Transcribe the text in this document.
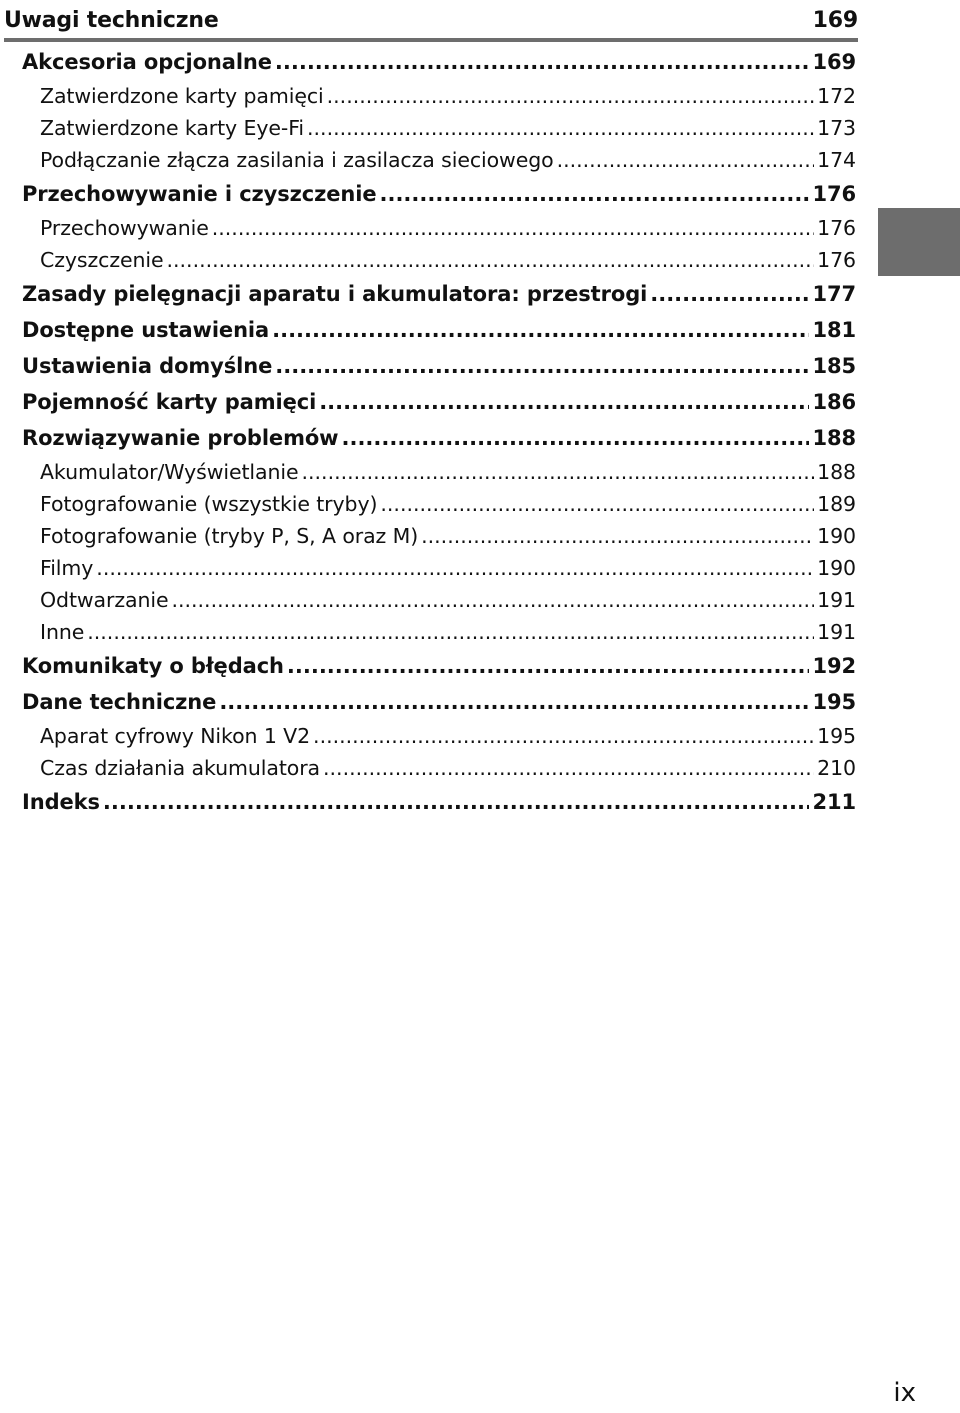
Uwagi techniczne	169
Akcesoria opcjonalne .....	169
Zatwierdzone karty pamięci .....	172
Zatwierdzone karty Eye-Fi .....	173
Podłączanie złącza zasilania i zasilacza sieciowego .....	174
Przechowywanie i czyszczenie .....	176
Przechowywanie .....	176
Czyszczenie .....	176
Zasady pielęgnacji aparatu i akumulatora: przestrogi .....	177
Dostępne ustawienia .....	181
Ustawienia domyślne .....	185
Pojemność karty pamięci .....	186
Rozwiązywanie problemów .....	188
Akumulator/Wyświetlanie .....	188
Fotografowanie (wszystkie tryby) .....	189
Fotografowanie (tryby P, S, A oraz M) .....	190
Filmy .....	190
Odtwarzanie .....	191
Inne .....	191
Komunikaty o błędach .....	192
Dane techniczne .....	195
Aparat cyfrowy Nikon 1 V2 .....	195
Czas działania akumulatora .....	210
Indeks .....	211
ix
